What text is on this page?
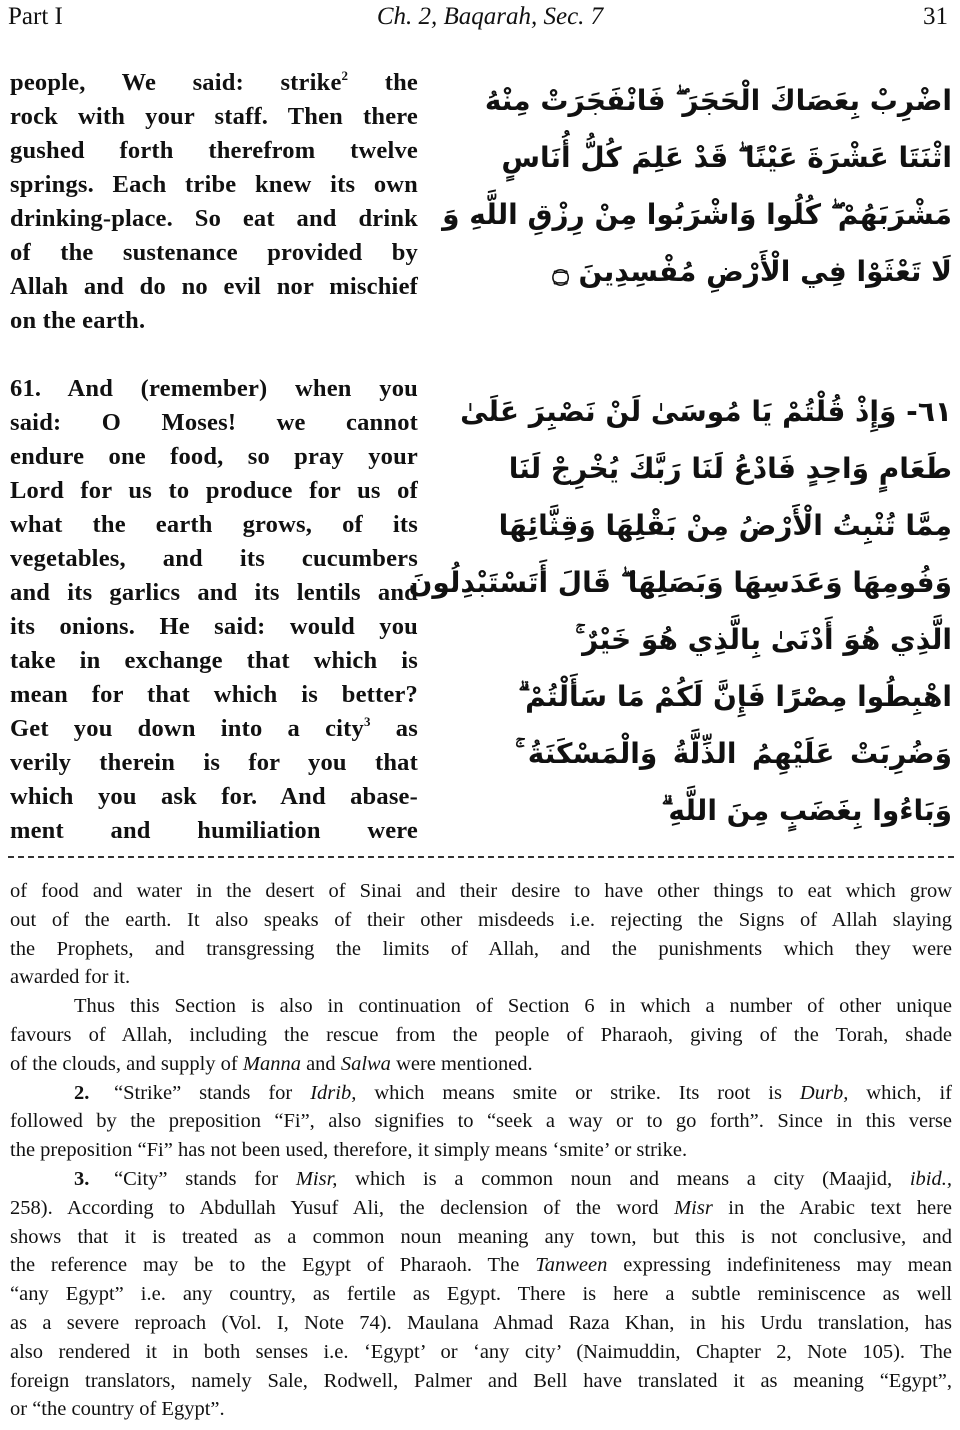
Part I	Ch. 2, Baqarah, Sec. 7	31
people, We said: strike$^2$ the
rock with your staff. Then there
gushed forth therefrom twelve
springs. Each tribe knew its own
drinking-place. So eat and drink
of the sustenance provided by
Allah and do no evil nor mischief
on the earth.
61. And (remember) when you
said: O Moses! we cannot
endure one food, so pray your
Lord for us to produce for us of
what the earth grows, of its
vegetables, and its cucumbers
and its garlics and its lentils and
its onions. He said: would you
take in exchange that which is
mean for that which is better?
Get you down into a city$^3$ as
verily therein is for you that
which you ask for. And abase-
ment and humiliation were
اضْرِبْ بِعَصَاكَ الْحَجَرَ ۖ فَانْفَجَرَتْ مِنْهُ
اثْنَتَا عَشْرَةَ عَيْنًا ۖ قَدْ عَلِمَ كُلُّ أُنَاسٍ
مَشْرَبَهُمْ ۖ كُلُوا وَاشْرَبُوا مِنْ رِزْقِ اللَّهِ وَ
لَا تَعْثَوْا فِي الْأَرْضِ مُفْسِدِينَ ۝
٦١- وَإِذْ قُلْتُمْ يَا مُوسَىٰ لَنْ نَصْبِرَ عَلَىٰ
طَعَامٍ وَاحِدٍ فَادْعُ لَنَا رَبَّكَ يُخْرِجْ لَنَا
مِمَّا تُنْبِتُ الْأَرْضُ مِنْ بَقْلِهَا وَقِثَّائِهَا
وَفُومِهَا وَعَدَسِهَا وَبَصَلِهَا ۖ قَالَ أَتَسْتَبْدِلُونَ
الَّذِي هُوَ أَدْنَىٰ بِالَّذِي هُوَ خَيْرٌ ۚ
اهْبِطُوا مِصْرًا فَإِنَّ لَكُمْ مَا سَأَلْتُمْ ۗ
وَضُرِبَتْ عَلَيْهِمُ الذِّلَّةُ وَالْمَسْكَنَةُ ۚ
وَبَاءُوا بِغَضَبٍ مِنَ اللَّهِ ۗ
of food and water in the desert of Sinai and their desire to have other things to eat which grow
out of the earth. It also speaks of their other misdeeds i.e. rejecting the Signs of Allah slaying
the Prophets, and transgressing the limits of Allah, and the punishments which they were
awarded for it.
Thus this Section is also in continuation of Section 6 in which a number of other unique
favours of Allah, including the rescue from the people of Pharaoh, giving of the Torah, shade
of the clouds, and supply of Manna and Salwa were mentioned.
2. “Strike” stands for Idrib, which means smite or strike. Its root is Durb, which, if
followed by the preposition “Fi”, also signifies to “seek a way or to go forth”. Since in this verse
the preposition “Fi” has not been used, therefore, it simply means ‘smite’ or strike.
3. “City” stands for Misr, which is a common noun and means a city (Maajid, ibid.,
258). According to Abdullah Yusuf Ali, the declension of the word Misr in the Arabic text here
shows that it is treated as a common noun meaning any town, but this is not conclusive, and
the reference may be to the Egypt of Pharaoh. The Tanween expressing indefiniteness may mean
“any Egypt” i.e. any country, as fertile as Egypt. There is here a subtle reminiscence as well
as a severe reproach (Vol. I, Note 74). Maulana Ahmad Raza Khan, in his Urdu translation, has
also rendered it in both senses i.e. ‘Egypt’ or ‘any city’ (Naimuddin, Chapter 2, Note 105). The
foreign translators, namely Sale, Rodwell, Palmer and Bell have translated it as meaning “Egypt”,
or “the country of Egypt”.
